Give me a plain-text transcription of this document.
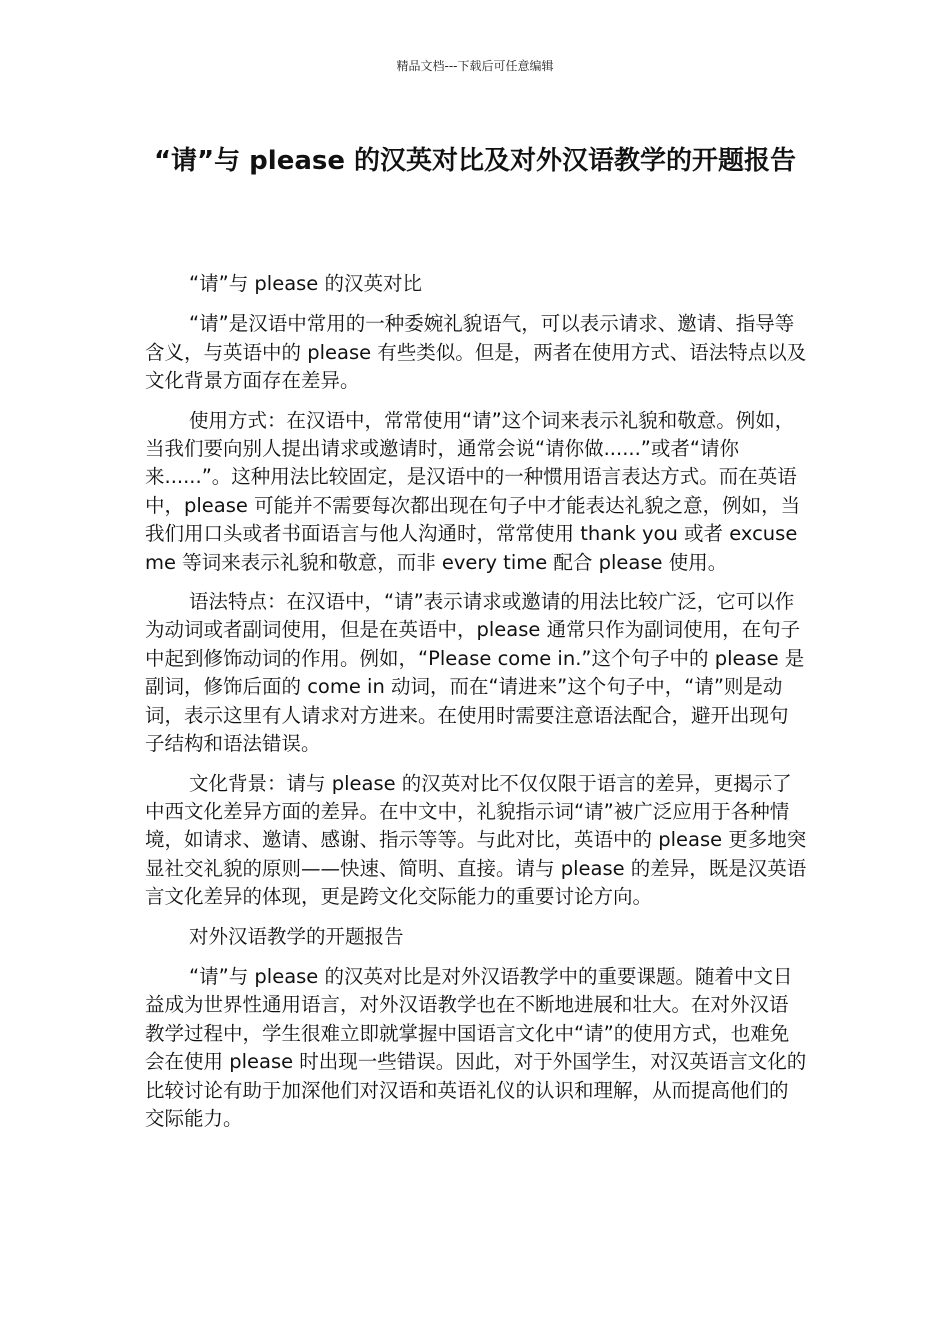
精品文档---下载后可任意编辑
“请”与 please 的汉英对比及对外汉语教学的开题报告

“请”与 please 的汉英对比

“请”是汉语中常用的一种委婉礼貌语气，可以表示请求、邀请、指导等含义，与英语中的 please 有些类似。但是，两者在使用方式、语法特点以及文化背景方面存在差异。

使用方式：在汉语中，常常使用“请”这个词来表示礼貌和敬意。例如，当我们要向别人提出请求或邀请时，通常会说“请你做......”或者“请你来......”。这种用法比较固定，是汉语中的一种惯用语言表达方式。而在英语中，please 可能并不需要每次都出现在句子中才能表达礼貌之意，例如，当我们用口头或者书面语言与他人沟通时，常常使用 thank you 或者 excuse me 等词来表示礼貌和敬意，而非 every time 配合 please 使用。

语法特点：在汉语中，“请”表示请求或邀请的用法比较广泛，它可以作为动词或者副词使用，但是在英语中，please 通常只作为副词使用，在句子中起到修饰动词的作用。例如，“Please come in.”这个句子中的 please 是副词，修饰后面的 come in 动词，而在“请进来”这个句子中，“请”则是动词，表示这里有人请求对方进来。在使用时需要注意语法配合，避开出现句子结构和语法错误。

文化背景：请与 please 的汉英对比不仅仅限于语言的差异，更揭示了中西文化差异方面的差异。在中文中，礼貌指示词“请”被广泛应用于各种情境，如请求、邀请、感谢、指示等等。与此对比，英语中的 please 更多地突显社交礼貌的原则——快速、简明、直接。请与 please 的差异，既是汉英语言文化差异的体现，更是跨文化交际能力的重要讨论方向。

对外汉语教学的开题报告

“请”与 please 的汉英对比是对外汉语教学中的重要课题。随着中文日益成为世界性通用语言，对外汉语教学也在不断地进展和壮大。在对外汉语教学过程中，学生很难立即就掌握中国语言文化中“请”的使用方式，也难免会在使用 please 时出现一些错误。因此，对于外国学生，对汉英语言文化的比较讨论有助于加深他们对汉语和英语礼仪的认识和理解，从而提高他们的交际能力。
